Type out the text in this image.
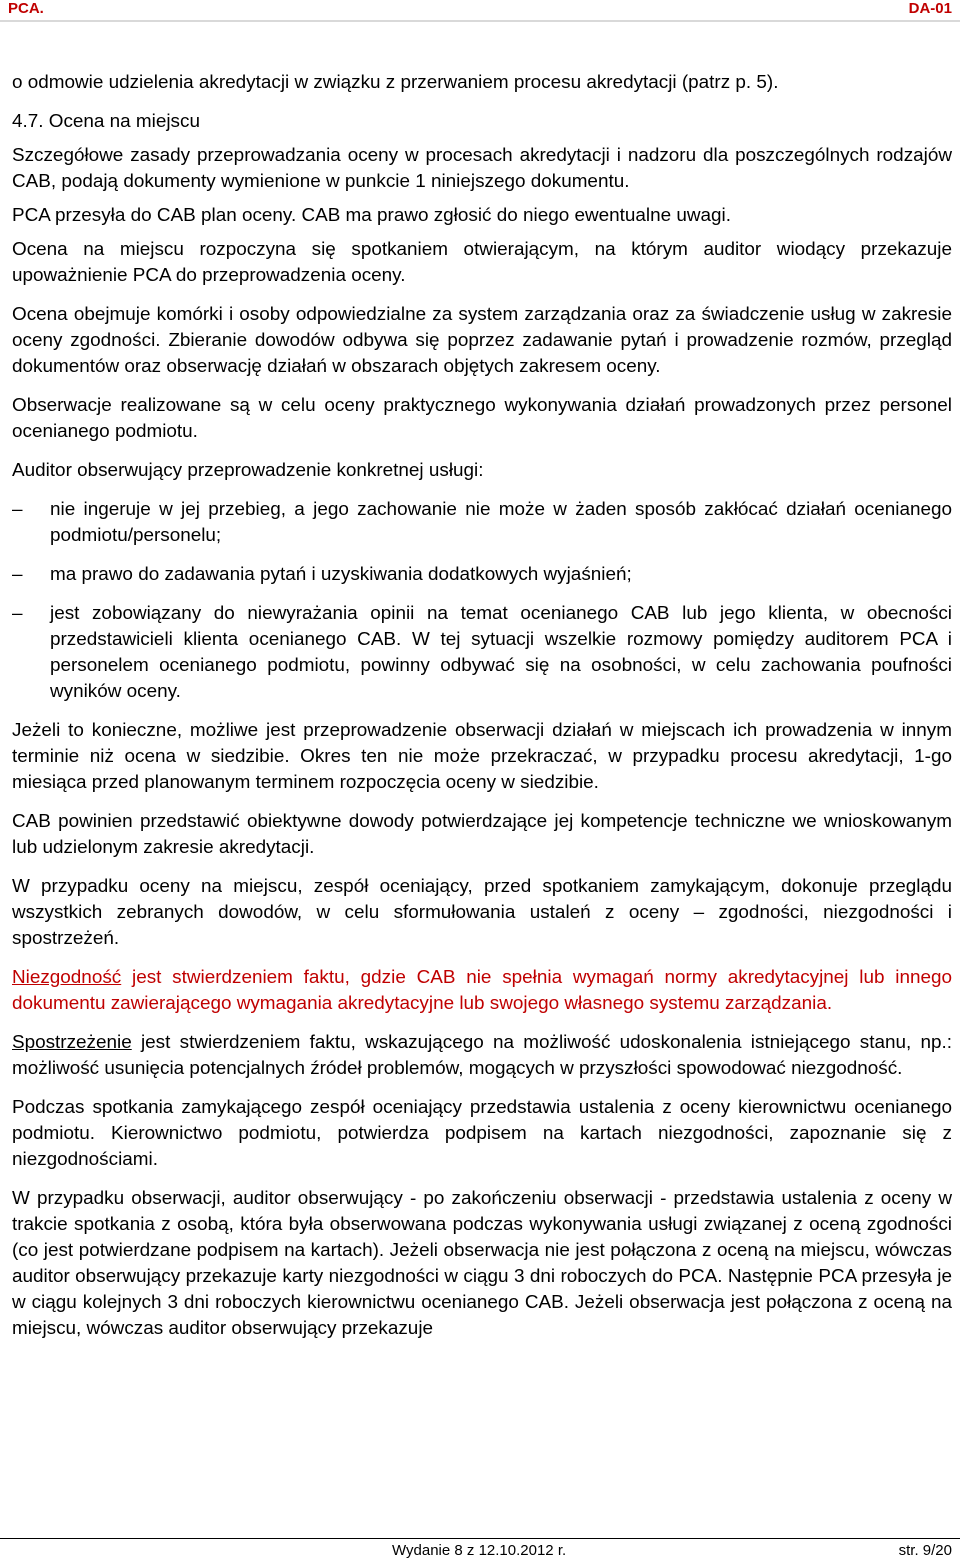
PCA.	DA-01

o odmowie udzielenia akredytacji w związku z przerwaniem procesu akredytacji (patrz p. 5).

4.7. Ocena na miejscu

Szczegółowe zasady przeprowadzania oceny w procesach akredytacji i nadzoru dla poszczególnych rodzajów CAB, podają dokumenty wymienione w punkcie 1 niniejszego dokumentu.

PCA przesyła do CAB plan oceny. CAB ma prawo zgłosić do niego ewentualne uwagi.

Ocena na miejscu rozpoczyna się spotkaniem otwierającym, na którym auditor wiodący przekazuje upoważnienie PCA do przeprowadzenia oceny.

Ocena obejmuje komórki i osoby odpowiedzialne za system zarządzania oraz za świadczenie usług w zakresie oceny zgodności. Zbieranie dowodów odbywa się poprzez zadawanie pytań i prowadzenie rozmów, przegląd dokumentów oraz obserwację działań w obszarach objętych zakresem oceny.

Obserwacje realizowane są w celu oceny praktycznego wykonywania działań prowadzonych przez personel ocenianego podmiotu.

Auditor obserwujący przeprowadzenie konkretnej usługi:

– nie ingeruje w jej przebieg, a jego zachowanie nie może w żaden sposób zakłócać działań ocenianego podmiotu/personelu;
– ma prawo do zadawania pytań i uzyskiwania dodatkowych wyjaśnień;
– jest zobowiązany do niewyrażania opinii na temat ocenianego CAB lub jego klienta, w obecności przedstawicieli klienta ocenianego CAB. W tej sytuacji wszelkie rozmowy pomiędzy auditorem PCA i personelem ocenianego podmiotu, powinny odbywać się na osobności, w celu zachowania poufności wyników oceny.

Jeżeli to konieczne, możliwe jest przeprowadzenie obserwacji działań w miejscach ich prowadzenia w innym terminie niż ocena w siedzibie. Okres ten nie może przekraczać, w przypadku procesu akredytacji, 1-go miesiąca przed planowanym terminem rozpoczęcia oceny w siedzibie.

CAB powinien przedstawić obiektywne dowody potwierdzające jej kompetencje techniczne we wnioskowanym lub udzielonym zakresie akredytacji.

W przypadku oceny na miejscu, zespół oceniający, przed spotkaniem zamykającym, dokonuje przeglądu wszystkich zebranych dowodów, w celu sformułowania ustaleń z oceny – zgodności, niezgodności i spostrzeżeń.

Niezgodność jest stwierdzeniem faktu, gdzie CAB nie spełnia wymagań normy akredytacyjnej lub innego dokumentu zawierającego wymagania akredytacyjne lub swojego własnego systemu zarządzania.

Spostrzeżenie jest stwierdzeniem faktu, wskazującego na możliwość udoskonalenia istniejącego stanu, np.: możliwość usunięcia potencjalnych źródeł problemów, mogących w przyszłości spowodować niezgodność.

Podczas spotkania zamykającego zespół oceniający przedstawia ustalenia z oceny kierownictwu ocenianego podmiotu. Kierownictwo podmiotu, potwierdza podpisem na kartach niezgodności, zapoznanie się z niezgodnościami.

W przypadku obserwacji, auditor obserwujący - po zakończeniu obserwacji - przedstawia ustalenia z oceny w trakcie spotkania z osobą, która była obserwowana podczas wykonywania usługi związanej z oceną zgodności (co jest potwierdzane podpisem na kartach). Jeżeli obserwacja nie jest połączona z oceną na miejscu, wówczas auditor obserwujący przekazuje karty niezgodności w ciągu 3 dni roboczych do PCA. Następnie PCA przesyła je w ciągu kolejnych 3 dni roboczych kierownictwu ocenianego CAB. Jeżeli obserwacja jest połączona z oceną na miejscu, wówczas auditor obserwujący przekazuje

Wydanie 8 z 12.10.2012 r.	str. 9/20
